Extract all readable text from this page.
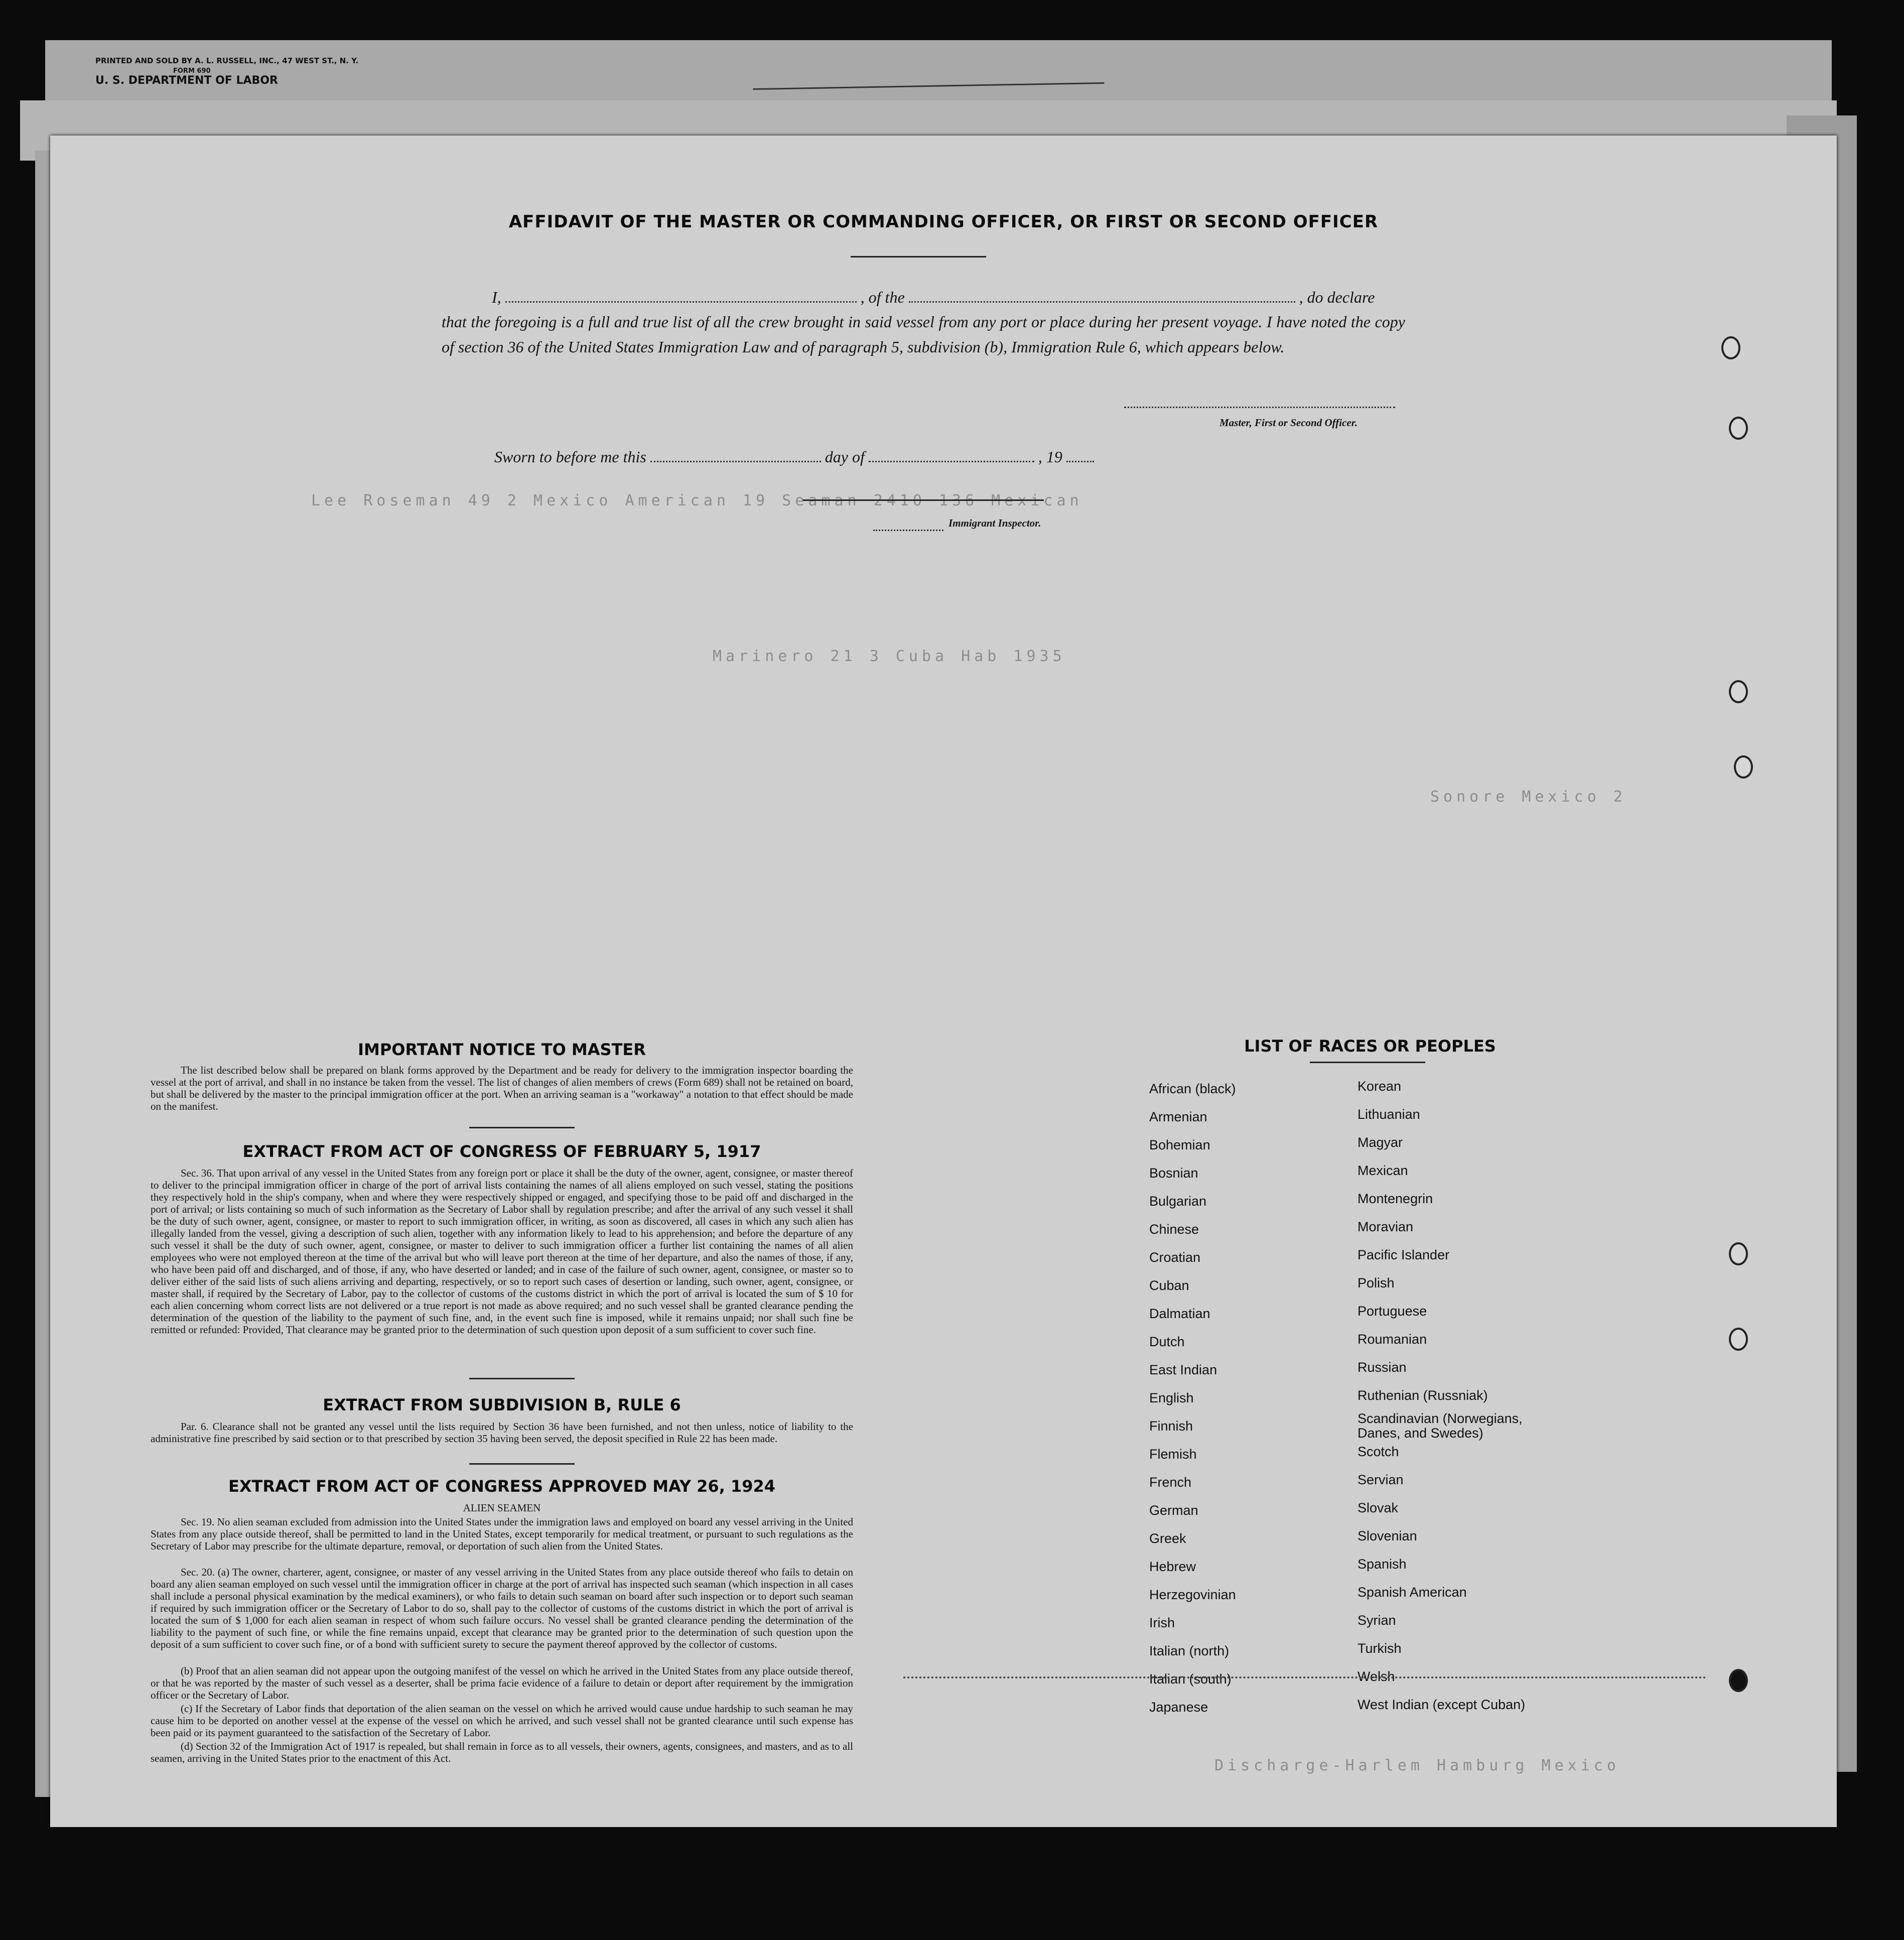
PRINTED AND SOLD BY A. L. RUSSELL, INC., 47 WEST ST., N. Y.
FORM 690
U. S. DEPARTMENT OF LABOR
Lee Roseman 49 2 Mexico American 19 Seaman 2410 136 Mexican
Marinero 21 3 Cuba Hab 1935
Sonore Mexico 2
Discharge-Harlem Hamburg Mexico
AFFIDAVIT OF THE MASTER OR COMMANDING OFFICER, OR FIRST OR SECOND OFFICER
I,	, of the	, do declare
that the foregoing is a full and true list of all the crew brought in said vessel from any port or place during her present voyage. I have noted the copy of section 36 of the United States Immigration Law and of paragraph 5, subdivision (b), Immigration Rule 6, which appears below.
Master, First or Second Officer.
Sworn to before me this	day of	, 19
Immigrant Inspector.
IMPORTANT NOTICE TO MASTER
The list described below shall be prepared on blank forms approved by the Department and be ready for delivery to the immigration inspector boarding the vessel at the port of arrival, and shall in no instance be taken from the vessel. The list of changes of alien members of crews (Form 689) shall not be retained on board, but shall be delivered by the master to the principal immigration officer at the port. When an arriving seaman is a "workaway" a notation to that effect should be made on the manifest.
EXTRACT FROM ACT OF CONGRESS OF FEBRUARY 5, 1917
Sec. 36. That upon arrival of any vessel in the United States from any foreign port or place it shall be the duty of the owner, agent, consignee, or master thereof to deliver to the principal immigration officer in charge of the port of arrival lists containing the names of all aliens employed on such vessel, stating the positions they respectively hold in the ship's company, when and where they were respectively shipped or engaged, and specifying those to be paid off and discharged in the port of arrival; or lists containing so much of such information as the Secretary of Labor shall by regulation prescribe; and after the arrival of any such vessel it shall be the duty of such owner, agent, consignee, or master to report to such immigration officer, in writing, as soon as discovered, all cases in which any such alien has illegally landed from the vessel, giving a description of such alien, together with any information likely to lead to his apprehension; and before the departure of any such vessel it shall be the duty of such owner, agent, consignee, or master to deliver to such immigration officer a further list containing the names of all alien employees who were not employed thereon at the time of the arrival but who will leave port thereon at the time of her departure, and also the names of those, if any, who have been paid off and discharged, and of those, if any, who have deserted or landed; and in case of the failure of such owner, agent, consignee, or master so to deliver either of the said lists of such aliens arriving and departing, respectively, or so to report such cases of desertion or landing, such owner, agent, consignee, or master shall, if required by the Secretary of Labor, pay to the collector of customs of the customs district in which the port of arrival is located the sum of $ 10 for each alien concerning whom correct lists are not delivered or a true report is not made as above required; and no such vessel shall be granted clearance pending the determination of the question of the liability to the payment of such fine, and, in the event such fine is imposed, while it remains unpaid; nor shall such fine be remitted or refunded: Provided, That clearance may be granted prior to the determination of such question upon deposit of a sum sufficient to cover such fine.
EXTRACT FROM SUBDIVISION B, RULE 6
Par. 6. Clearance shall not be granted any vessel until the lists required by Section 36 have been furnished, and not then unless, notice of liability to the administrative fine prescribed by said section or to that prescribed by section 35 having been served, the deposit specified in Rule 22 has been made.
EXTRACT FROM ACT OF CONGRESS APPROVED MAY 26, 1924
ALIEN SEAMEN
Sec. 19. No alien seaman excluded from admission into the United States under the immigration laws and employed on board any vessel arriving in the United States from any place outside thereof, shall be permitted to land in the United States, except temporarily for medical treatment, or pursuant to such regulations as the Secretary of Labor may prescribe for the ultimate departure, removal, or deportation of such alien from the United States.
Sec. 20. (a) The owner, charterer, agent, consignee, or master of any vessel arriving in the United States from any place outside thereof who fails to detain on board any alien seaman employed on such vessel until the immigration officer in charge at the port of arrival has inspected such seaman (which inspection in all cases shall include a personal physical examination by the medical examiners), or who fails to detain such seaman on board after such inspection or to deport such seaman if required by such immigration officer or the Secretary of Labor to do so, shall pay to the collector of customs of the customs district in which the port of arrival is located the sum of $ 1,000 for each alien seaman in respect of whom such failure occurs. No vessel shall be granted clearance pending the determination of the liability to the payment of such fine, or while the fine remains unpaid, except that clearance may be granted prior to the determination of such question upon the deposit of a sum sufficient to cover such fine, or of a bond with sufficient surety to secure the payment thereof approved by the collector of customs.
(b) Proof that an alien seaman did not appear upon the outgoing manifest of the vessel on which he arrived in the United States from any place outside thereof, or that he was reported by the master of such vessel as a deserter, shall be prima facie evidence of a failure to detain or deport after requirement by the immigration officer or the Secretary of Labor.
(c) If the Secretary of Labor finds that deportation of the alien seaman on the vessel on which he arrived would cause undue hardship to such seaman he may cause him to be deported on another vessel at the expense of the vessel on which he arrived, and such vessel shall not be granted clearance until such expense has been paid or its payment guaranteed to the satisfaction of the Secretary of Labor.
(d) Section 32 of the Immigration Act of 1917 is repealed, but shall remain in force as to all vessels, their owners, agents, consignees, and masters, and as to all seamen, arriving in the United States prior to the enactment of this Act.
LIST OF RACES OR PEOPLES
African (black)
Armenian
Bohemian
Bosnian
Bulgarian
Chinese
Croatian
Cuban
Dalmatian
Dutch
East Indian
English
Finnish
Flemish
French
German
Greek
Hebrew
Herzegovinian
Irish
Italian (north)
Italian (south)
Japanese
Korean
Lithuanian
Magyar
Mexican
Montenegrin
Moravian
Pacific Islander
Polish
Portuguese
Roumanian
Russian
Ruthenian (Russniak)
Scandinavian (Norwegians,
Danes, and Swedes)
Scotch
Servian
Slovak
Slovenian
Spanish
Spanish American
Syrian
Turkish
Welsh
West Indian (except Cuban)
